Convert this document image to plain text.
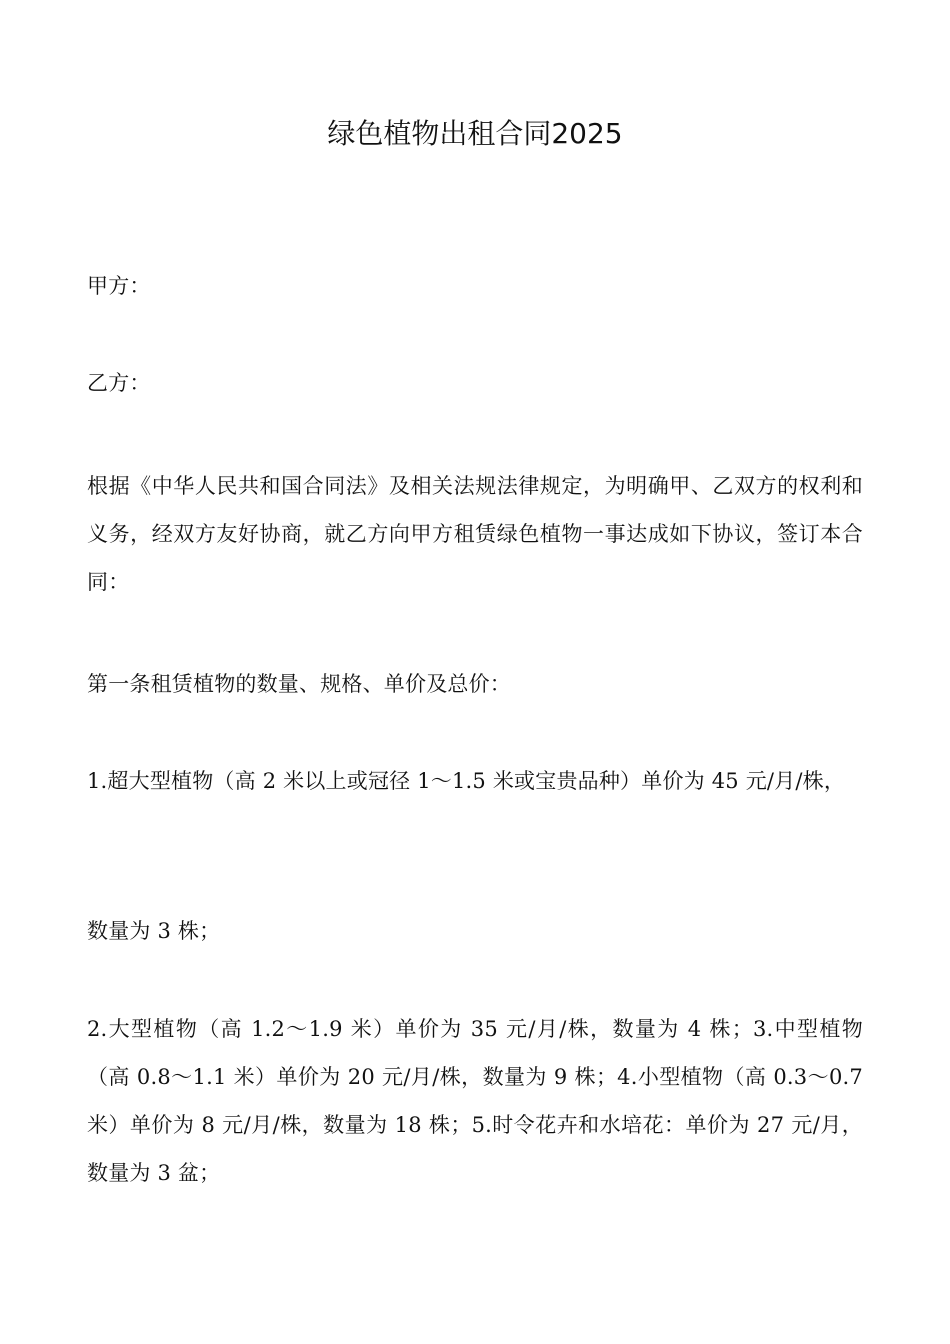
绿色植物出租合同2025

甲方：

乙方：

根据《中华人民共和国合同法》及相关法规法律规定，为明确甲、乙双方的权利和义务，经双方友好协商，就乙方向甲方租赁绿色植物一事达成如下协议，签订本合同：

第一条租赁植物的数量、规格、单价及总价：

1.超大型植物（高 2 米以上或冠径 1～1.5 米或宝贵品种）单价为 45 元/月/株，

数量为 3 株；

2.大型植物（高 1.2～1.9 米）单价为 35 元/月/株，数量为 4 株；3.中型植物（高 0.8～1.1 米）单价为 20 元/月/株，数量为 9 株；4.小型植物（高 0.3～0.7 米）单价为 8 元/月/株，数量为 18 株；5.时令花卉和水培花：单价为 27 元/月，数量为 3 盆；
